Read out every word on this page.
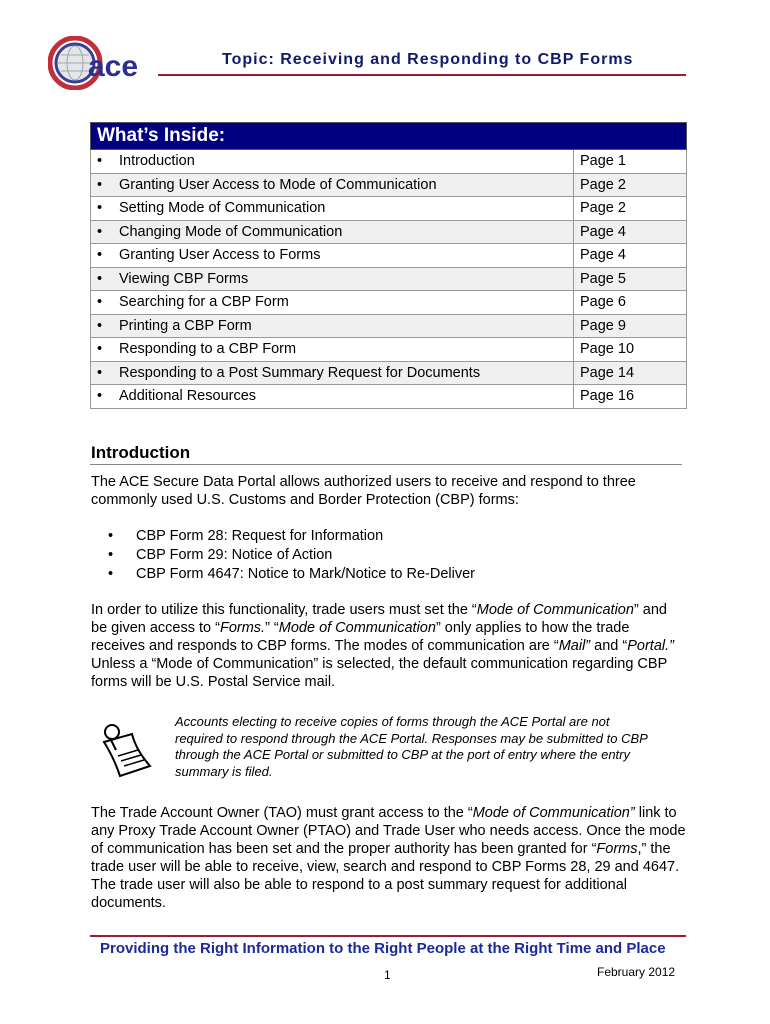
ace	Topic: Receiving and Responding to CBP Forms
What’s Inside:	
• Introduction	Page 1
• Granting User Access to Mode of Communication	Page 2
• Setting Mode of Communication	Page 2
• Changing Mode of Communication	Page 4
• Granting User Access to Forms	Page 4
• Viewing CBP Forms	Page 5
• Searching for a CBP Form	Page 6
• Printing a CBP Form	Page 9
• Responding to a CBP Form	Page 10
• Responding to a Post Summary Request for Documents	Page 14
• Additional Resources	Page 16
Introduction
The ACE Secure Data Portal allows authorized users to receive and respond to three commonly used U.S. Customs and Border Protection (CBP) forms:
• CBP Form 28: Request for Information
• CBP Form 29: Notice of Action
• CBP Form 4647: Notice to Mark/Notice to Re-Deliver
In order to utilize this functionality, trade users must set the “Mode of Communication” and be given access to “Forms.” “Mode of Communication” only applies to how the trade receives and responds to CBP forms. The modes of communication are “Mail” and “Portal.” Unless a “Mode of Communication” is selected, the default communication regarding CBP forms will be U.S. Postal Service mail.
Accounts electing to receive copies of forms through the ACE Portal are not required to respond through the ACE Portal. Responses may be submitted to CBP through the ACE Portal or submitted to CBP at the port of entry where the entry summary is filed.
The Trade Account Owner (TAO) must grant access to the “Mode of Communication” link to any Proxy Trade Account Owner (PTAO) and Trade User who needs access. Once the mode of communication has been set and the proper authority has been granted for “Forms,” the trade user will be able to receive, view, search and respond to CBP Forms 28, 29 and 4647. The trade user will also be able to respond to a post summary request for additional documents.
Providing the Right Information to the Right People at the Right Time and Place
1	February 2012
